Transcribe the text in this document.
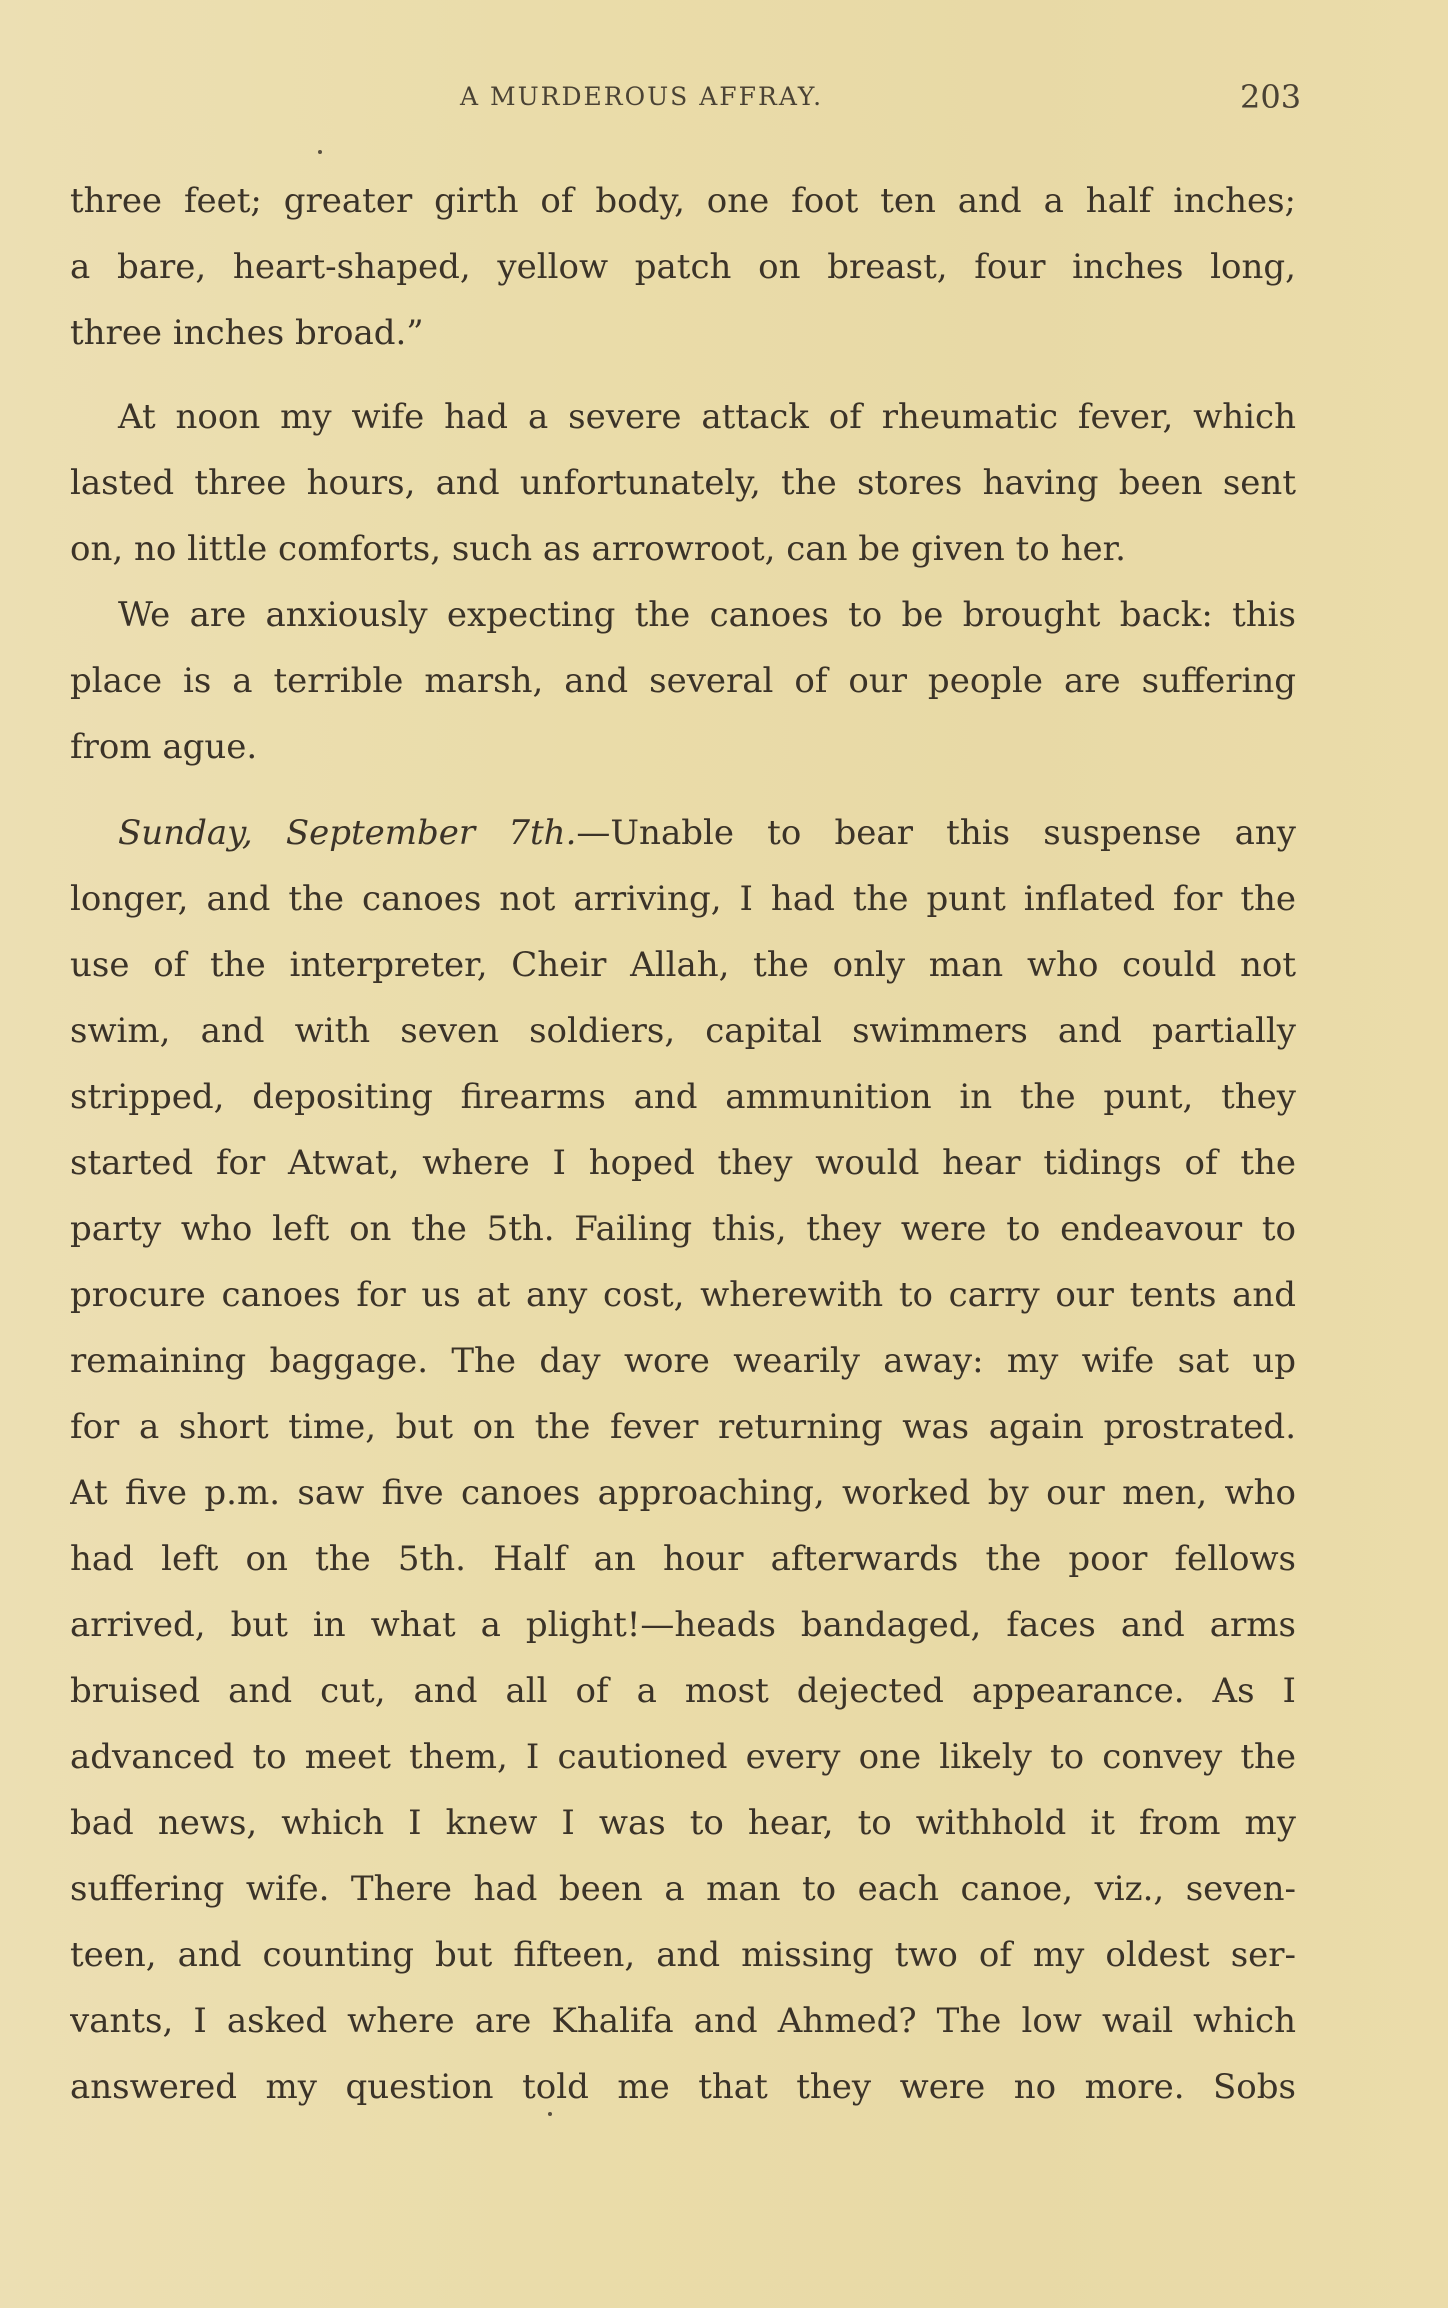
A MURDEROUS AFFRAY.	203
three feet; greater girth of body, one foot ten and a half inches;
a bare, heart-shaped, yellow patch on breast, four inches long,
three inches broad.”
At noon my wife had a severe attack of rheumatic fever, which
lasted three hours, and unfortunately, the stores having been sent
on, no little comforts, such as arrowroot, can be given to her.
We are anxiously expecting the canoes to be brought back: this
place is a terrible marsh, and several of our people are suffering
from ague.
Sunday, September 7th.—Unable to bear this suspense any
longer, and the canoes not arriving, I had the punt inflated for the
use of the interpreter, Cheir Allah, the only man who could not
swim, and with seven soldiers, capital swimmers and partially
stripped, depositing firearms and ammunition in the punt, they
started for Atwat, where I hoped they would hear tidings of the
party who left on the 5th. Failing this, they were to endeavour to
procure canoes for us at any cost, wherewith to carry our tents and
remaining baggage. The day wore wearily away: my wife sat up
for a short time, but on the fever returning was again prostrated.
At five p.m. saw five canoes approaching, worked by our men, who
had left on the 5th. Half an hour afterwards the poor fellows
arrived, but in what a plight!—heads bandaged, faces and arms
bruised and cut, and all of a most dejected appearance. As I
advanced to meet them, I cautioned every one likely to convey the
bad news, which I knew I was to hear, to withhold it from my
suffering wife. There had been a man to each canoe, viz., seven-
teen, and counting but fifteen, and missing two of my oldest ser-
vants, I asked where are Khalifa and Ahmed? The low wail which
answered my question told me that they were no more. Sobs
